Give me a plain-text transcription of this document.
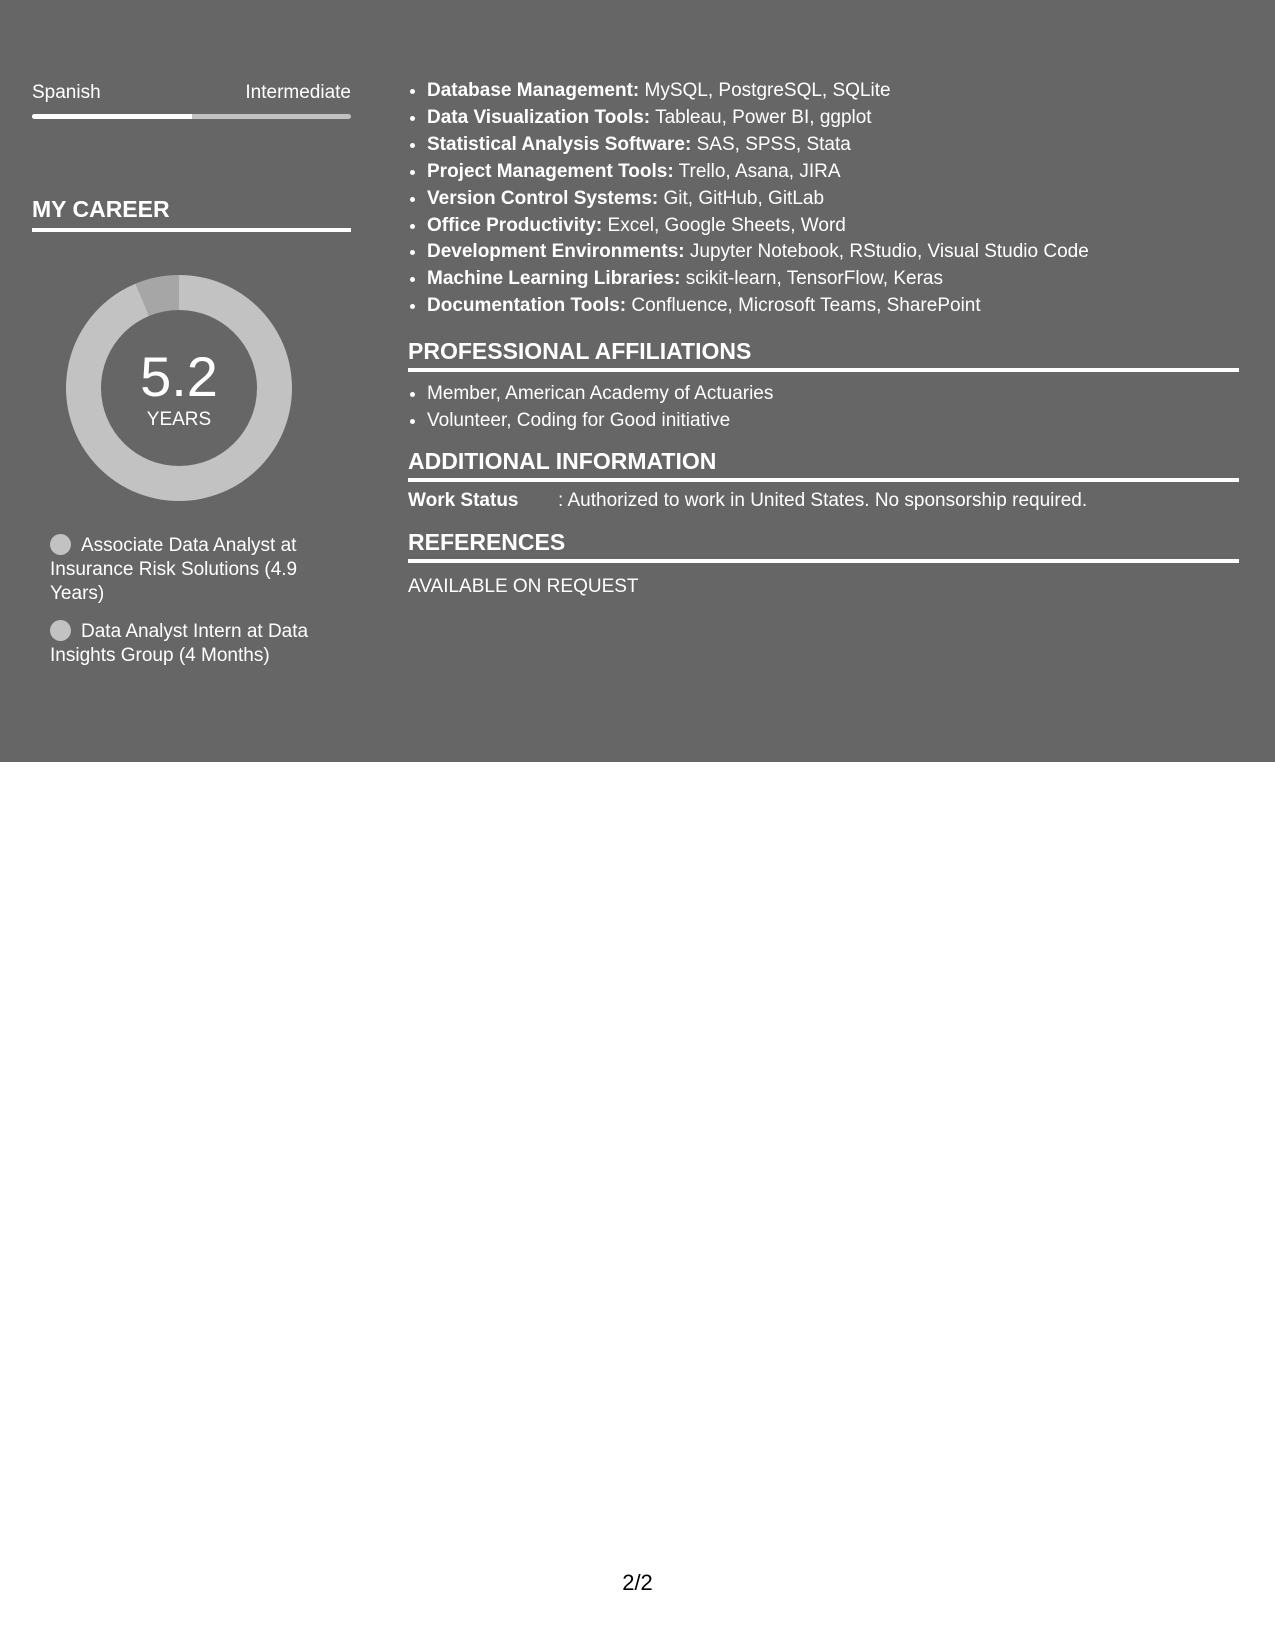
Spanish	Intermediate
MY CAREER
5.2
YEARS
Associate Data Analyst at Insurance Risk Solutions (4.9 Years)
Data Analyst Intern at Data Insights Group (4 Months)
• Database Management: MySQL, PostgreSQL, SQLite
• Data Visualization Tools: Tableau, Power BI, ggplot
• Statistical Analysis Software: SAS, SPSS, Stata
• Project Management Tools: Trello, Asana, JIRA
• Version Control Systems: Git, GitHub, GitLab
• Office Productivity: Excel, Google Sheets, Word
• Development Environments: Jupyter Notebook, RStudio, Visual Studio Code
• Machine Learning Libraries: scikit-learn, TensorFlow, Keras
• Documentation Tools: Confluence, Microsoft Teams, SharePoint
PROFESSIONAL AFFILIATIONS
• Member, American Academy of Actuaries
• Volunteer, Coding for Good initiative
ADDITIONAL INFORMATION
Work Status	: Authorized to work in United States. No sponsorship required.
REFERENCES
AVAILABLE ON REQUEST
2/2
